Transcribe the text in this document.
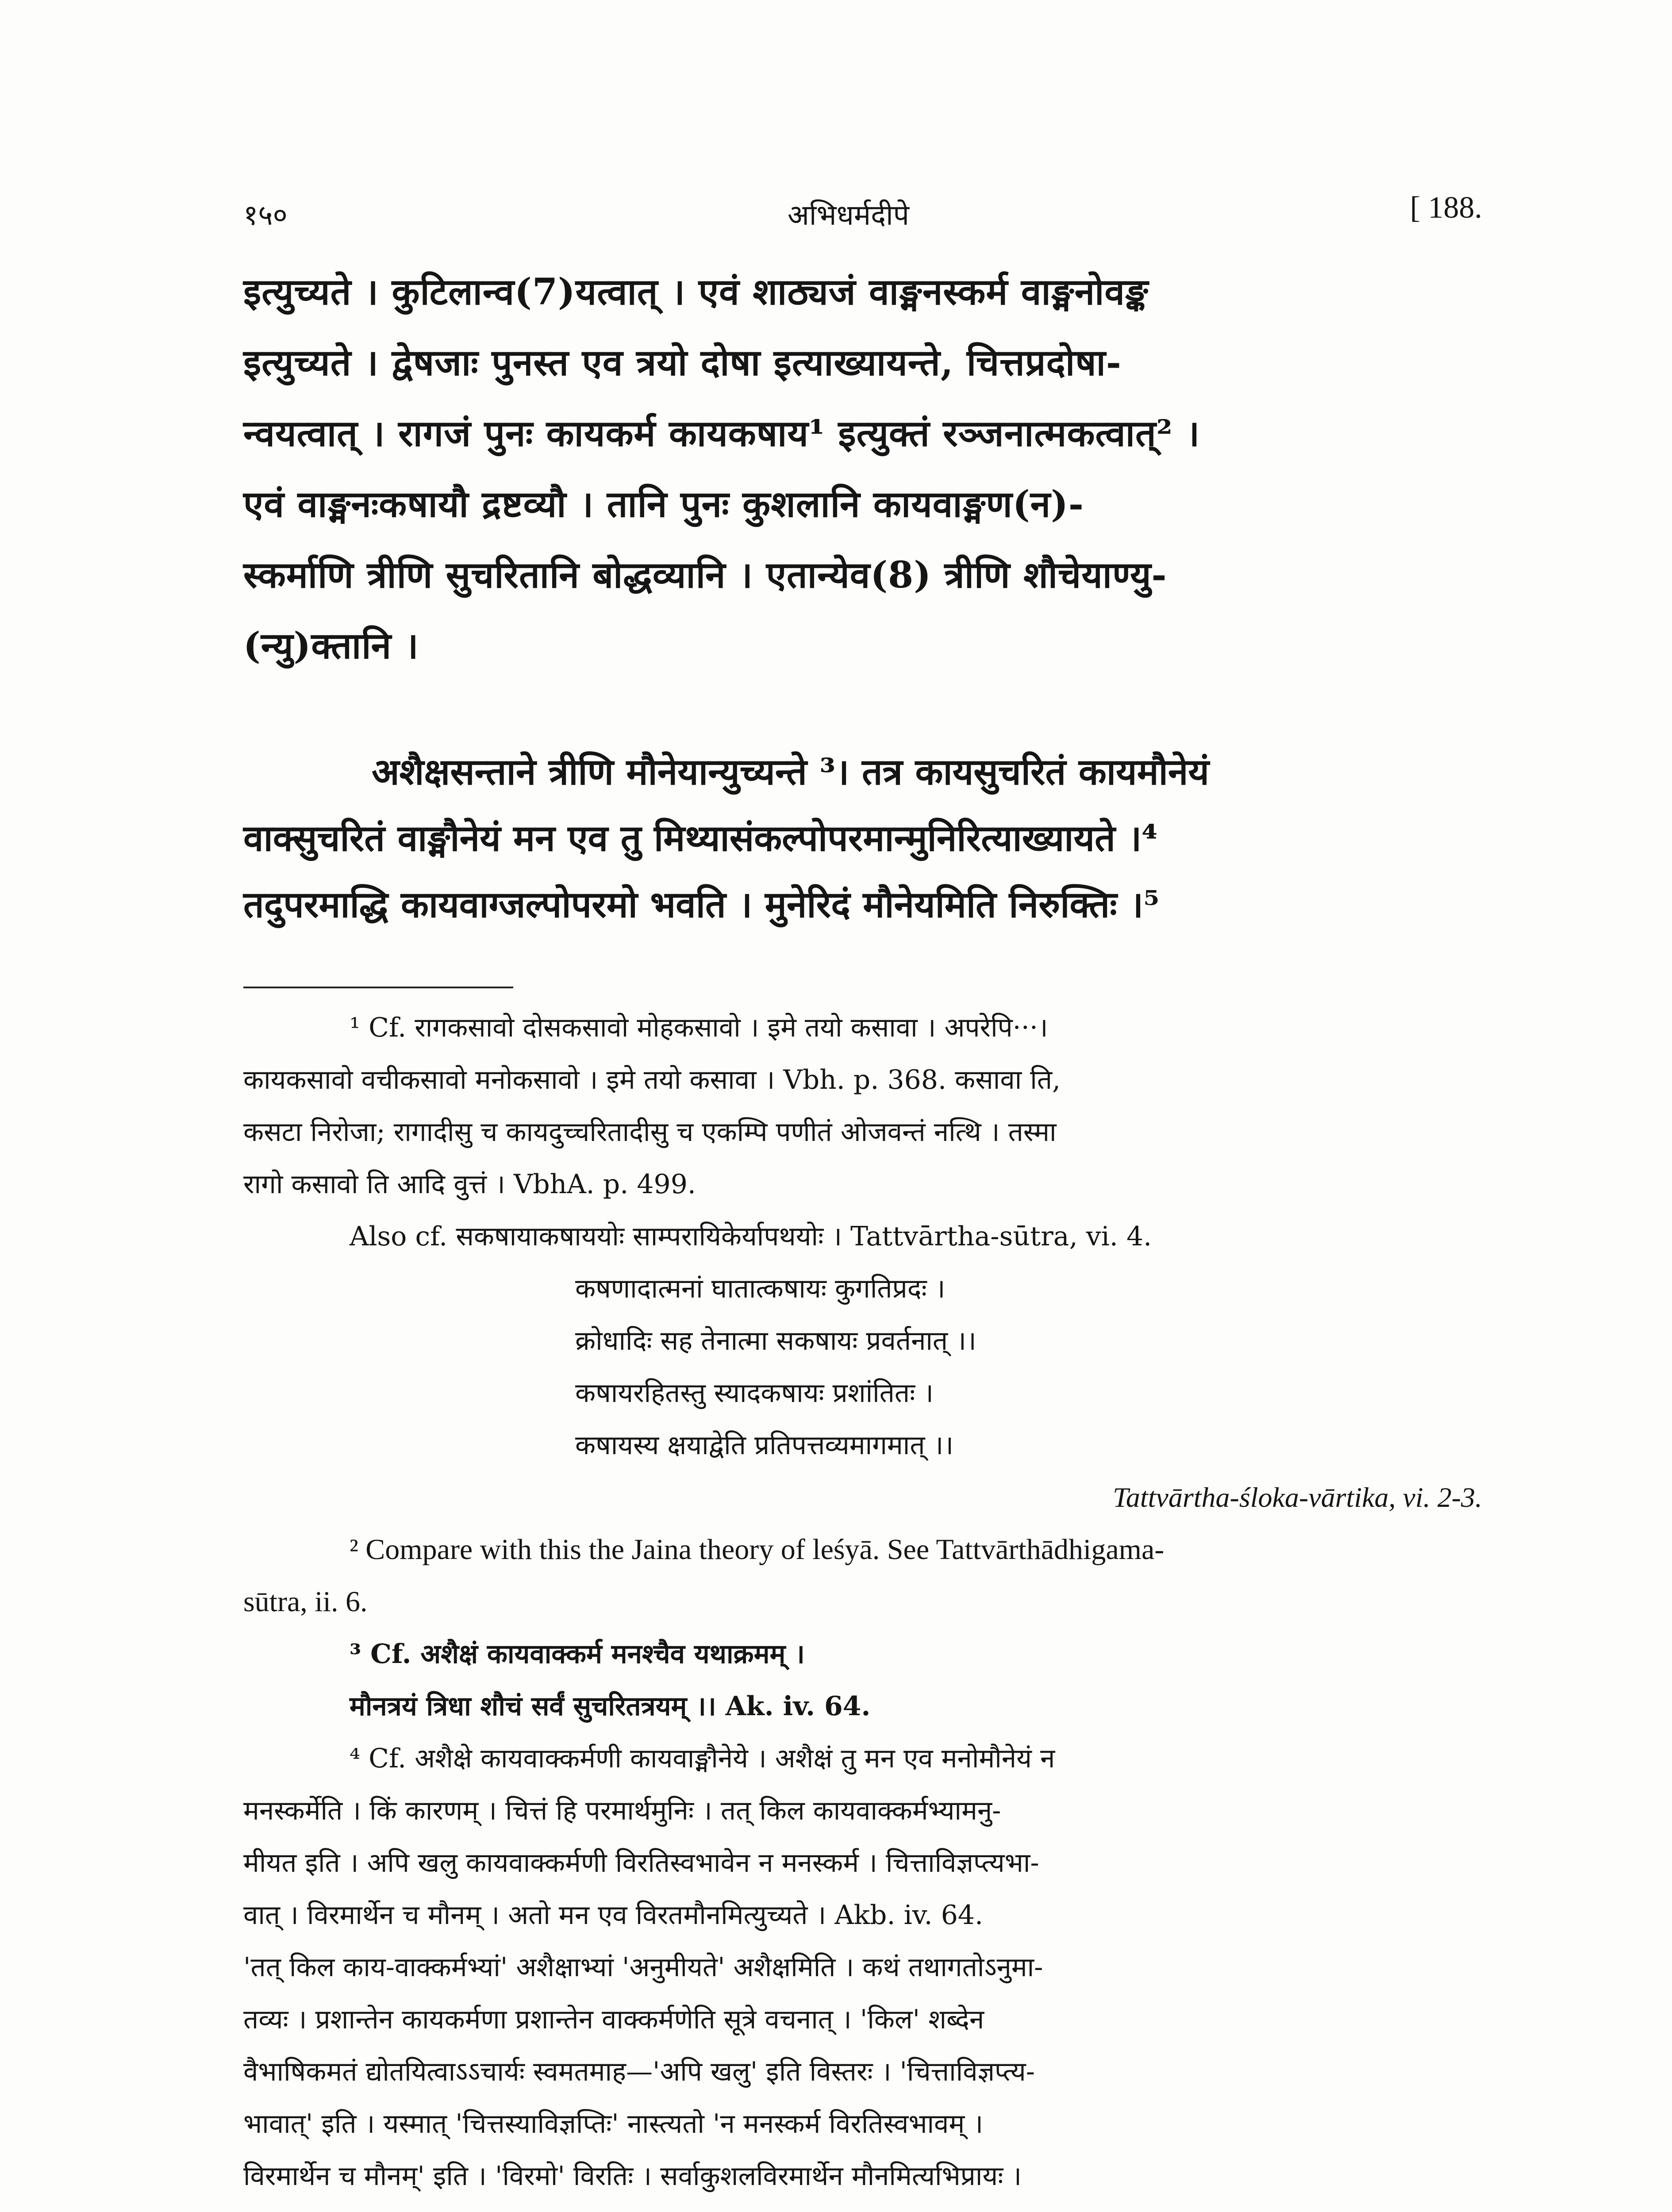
१५०	अभिधर्मदीपे	[ 188.
इत्युच्यते । कुटिलान्व(7)यत्वात् । एवं शाठ्यजं वाङ्मनस्कर्म वाङ्मनोवङ्क
इत्युच्यते । द्वेषजाः पुनस्त एव त्रयो दोषा इत्याख्यायन्ते, चित्तप्रदोषा-
न्वयत्वात् । रागजं पुनः कायकर्म कायकषाय¹ इत्युक्तं रञ्जनात्मकत्वात्² ।
एवं वाङ्मनःकषायौ द्रष्टव्यौ । तानि पुनः कुशलानि कायवाङ्मण(न)-
स्कर्माणि त्रीणि सुचरितानि बोद्धव्यानि । एतान्येव(8) त्रीणि शौचेयाण्यु-
(न्यु)क्तानि ।
अशैक्षसन्ताने त्रीणि मौनेयान्युच्यन्ते ³। तत्र कायसुचरितं कायमौनेयं
वाक्सुचरितं वाङ्मौनेयं मन एव तु मिथ्यासंकल्पोपरमान्मुनिरित्याख्यायते ।⁴
तदुपरमाद्धि कायवाग्जल्पोपरमो भवति । मुनेरिदं मौनेयमिति निरुक्तिः ।⁵
¹ Cf. रागकसावो दोसकसावो मोहकसावो । इमे तयो कसावा । अपरेपि···।
कायकसावो वचीकसावो मनोकसावो । इमे तयो कसावा । Vbh. p. 368. कसावा ति,
कसटा निरोजा; रागादीसु च कायदुच्चरितादीसु च एकम्पि पणीतं ओजवन्तं नत्थि । तस्मा
रागो कसावो ति आदि वुत्तं । VbhA. p. 499.
Also cf. सकषायाकषाययोः साम्परायिकेर्यापथयोः । Tattvārtha-sūtra, vi. 4.
कषणादात्मनां घातात्कषायः कुगतिप्रदः ।
क्रोधादिः सह तेनात्मा सकषायः प्रवर्तनात् ।।
कषायरहितस्तु स्यादकषायः प्रशांतितः ।
कषायस्य क्षयाद्वेति प्रतिपत्तव्यमागमात् ।।
Tattvārtha-śloka-vārtika, vi. 2-3.
² Compare with this the Jaina theory of leśyā. See Tattvārthādhigama-
sūtra, ii. 6.
³ Cf. अशैक्षं कायवाक्कर्म मनश्चैव यथाक्रमम् ।
मौनत्रयं त्रिधा शौचं सर्वं सुचरितत्रयम् ।। Ak. iv. 64.
⁴ Cf. अशैक्षे कायवाक्कर्मणी कायवाङ्मौनेये । अशैक्षं तु मन एव मनोमौनेयं न
मनस्कर्मेति । किं कारणम् । चित्तं हि परमार्थमुनिः । तत् किल कायवाक्कर्मभ्यामनु-
मीयत इति । अपि खलु कायवाक्कर्मणी विरतिस्वभावेन न मनस्कर्म । चित्ताविज्ञप्त्यभा-
वात् । विरमार्थेन च मौनम् । अतो मन एव विरतमौनमित्युच्यते । Akb. iv. 64.
'तत् किल काय-वाक्कर्मभ्यां' अशैक्षाभ्यां 'अनुमीयते' अशैक्षमिति । कथं तथागतोऽनुमा-
तव्यः । प्रशान्तेन कायकर्मणा प्रशान्तेन वाक्कर्मणेति सूत्रे वचनात् । 'किल' शब्देन
वैभाषिकमतं द्योतयित्वाऽऽचार्यः स्वमतमाह—'अपि खलु' इति विस्तरः । 'चित्ताविज्ञप्त्य-
भावात्' इति । यस्मात् 'चित्तस्याविज्ञप्तिः' नास्त्यतो 'न मनस्कर्म विरतिस्वभावम् ।
विरमार्थेन च मौनम्' इति । 'विरमो' विरतिः । सर्वाकुशलविरमार्थेन मौनमित्यभिप्रायः ।
